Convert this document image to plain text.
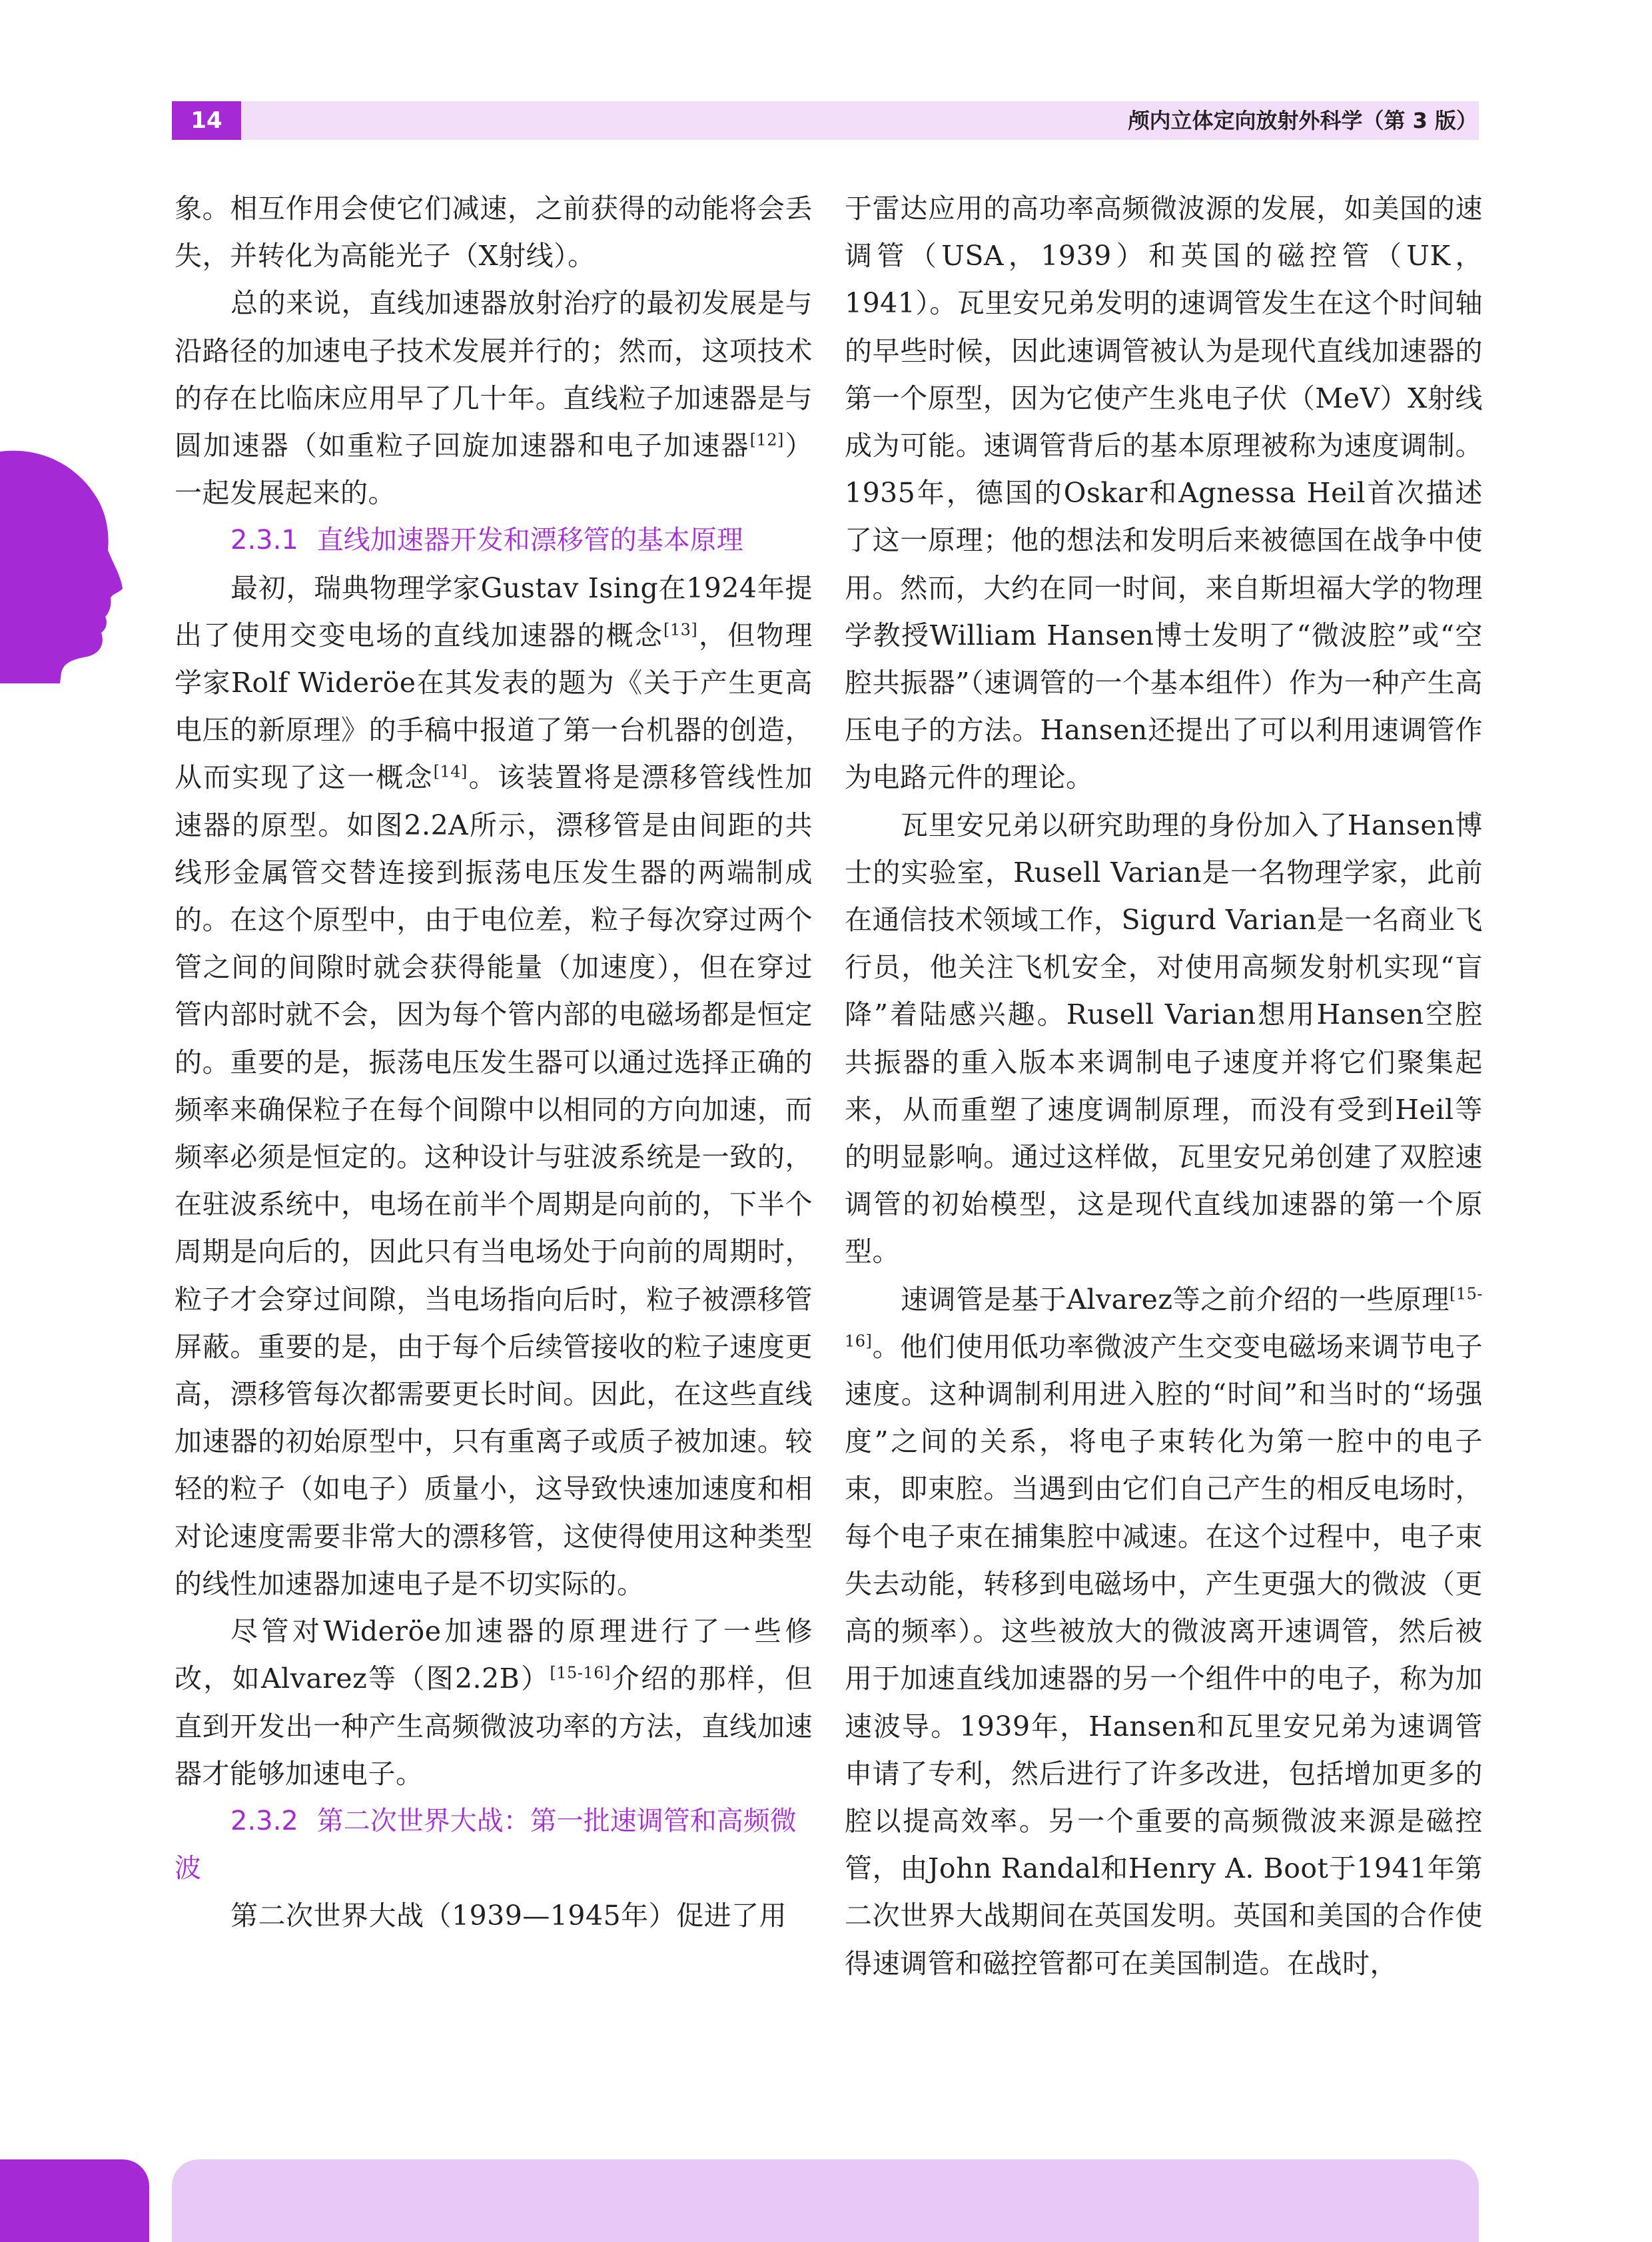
14	颅内立体定向放射外科学（第 3 版）

象。相互作用会使它们减速，之前获得的动能将会丢失，并转化为高能光子（X射线）。

总的来说，直线加速器放射治疗的最初发展是与沿路径的加速电子技术发展并行的；然而，这项技术的存在比临床应用早了几十年。直线粒子加速器是与圆加速器（如重粒子回旋加速器和电子加速器[12]）一起发展起来的。

2.3.1 直线加速器开发和漂移管的基本原理

最初，瑞典物理学家Gustav Ising在1924年提出了使用交变电场的直线加速器的概念[13]，但物理学家Rolf Wideröe在其发表的题为《关于产生更高电压的新原理》的手稿中报道了第一台机器的创造，从而实现了这一概念[14]。该装置将是漂移管线性加速器的原型。如图2.2A所示，漂移管是由间距的共线形金属管交替连接到振荡电压发生器的两端制成的。在这个原型中，由于电位差，粒子每次穿过两个管之间的间隙时就会获得能量（加速度），但在穿过管内部时就不会，因为每个管内部的电磁场都是恒定的。重要的是，振荡电压发生器可以通过选择正确的频率来确保粒子在每个间隙中以相同的方向加速，而频率必须是恒定的。这种设计与驻波系统是一致的，在驻波系统中，电场在前半个周期是向前的，下半个周期是向后的，因此只有当电场处于向前的周期时，粒子才会穿过间隙，当电场指向后时，粒子被漂移管屏蔽。重要的是，由于每个后续管接收的粒子速度更高，漂移管每次都需要更长时间。因此，在这些直线加速器的初始原型中，只有重离子或质子被加速。较轻的粒子（如电子）质量小，这导致快速加速度和相对论速度需要非常大的漂移管，这使得使用这种类型的线性加速器加速电子是不切实际的。

尽管对Wideröe加速器的原理进行了一些修改，如Alvarez等（图2.2B）[15-16]介绍的那样，但直到开发出一种产生高频微波功率的方法，直线加速器才能够加速电子。

2.3.2 第二次世界大战：第一批速调管和高频微波

第二次世界大战（1939—1945年）促进了用

于雷达应用的高功率高频微波源的发展，如美国的速调管（USA，1939）和英国的磁控管（UK，1941）。瓦里安兄弟发明的速调管发生在这个时间轴的早些时候，因此速调管被认为是现代直线加速器的第一个原型，因为它使产生兆电子伏（MeV）X射线成为可能。速调管背后的基本原理被称为速度调制。1935年，德国的Oskar和Agnessa Heil首次描述了这一原理；他的想法和发明后来被德国在战争中使用。然而，大约在同一时间，来自斯坦福大学的物理学教授William Hansen博士发明了“微波腔”或“空腔共振器”（速调管的一个基本组件）作为一种产生高压电子的方法。Hansen还提出了可以利用速调管作为电路元件的理论。

瓦里安兄弟以研究助理的身份加入了Hansen博士的实验室，Rusell Varian是一名物理学家，此前在通信技术领域工作，Sigurd Varian是一名商业飞行员，他关注飞机安全，对使用高频发射机实现“盲降”着陆感兴趣。Rusell Varian想用Hansen空腔共振器的重入版本来调制电子速度并将它们聚集起来，从而重塑了速度调制原理，而没有受到Heil等的明显影响。通过这样做，瓦里安兄弟创建了双腔速调管的初始模型，这是现代直线加速器的第一个原型。

速调管是基于Alvarez等之前介绍的一些原理[15-16]。他们使用低功率微波产生交变电磁场来调节电子速度。这种调制利用进入腔的“时间”和当时的“场强度”之间的关系，将电子束转化为第一腔中的电子束，即束腔。当遇到由它们自己产生的相反电场时，每个电子束在捕集腔中减速。在这个过程中，电子束失去动能，转移到电磁场中，产生更强大的微波（更高的频率）。这些被放大的微波离开速调管，然后被用于加速直线加速器的另一个组件中的电子，称为加速波导。1939年，Hansen和瓦里安兄弟为速调管申请了专利，然后进行了许多改进，包括增加更多的腔以提高效率。另一个重要的高频微波来源是磁控管，由John Randal和Henry A. Boot于1941年第二次世界大战期间在英国发明。英国和美国的合作使得速调管和磁控管都可在美国制造。在战时，
